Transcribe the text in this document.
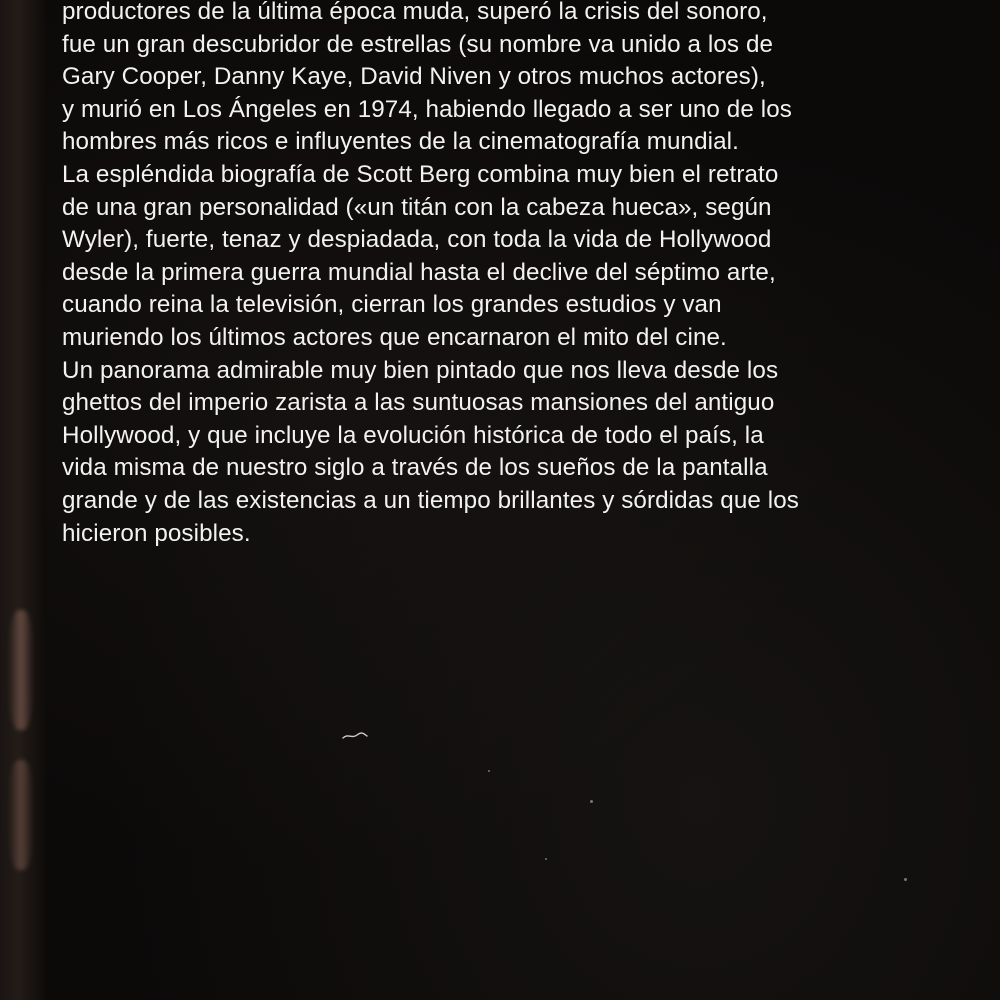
productores de la última época muda, superó la crisis del sonoro,
fue un gran descubridor de estrellas (su nombre va unido a los de
Gary Cooper, Danny Kaye, David Niven y otros muchos actores),
y murió en Los Ángeles en 1974, habiendo llegado a ser uno de los
hombres más ricos e influyentes de la cinematografía mundial.
La espléndida biografía de Scott Berg combina muy bien el retrato
de una gran personalidad («un titán con la cabeza hueca», según
Wyler), fuerte, tenaz y despiadada, con toda la vida de Hollywood
desde la primera guerra mundial hasta el declive del séptimo arte,
cuando reina la televisión, cierran los grandes estudios y van
muriendo los últimos actores que encarnaron el mito del cine.
Un panorama admirable muy bien pintado que nos lleva desde los
ghettos del imperio zarista a las suntuosas mansiones del antiguo
Hollywood, y que incluye la evolución histórica de todo el país, la
vida misma de nuestro siglo a través de los sueños de la pantalla
grande y de las existencias a un tiempo brillantes y sórdidas que los
hicieron posibles.
